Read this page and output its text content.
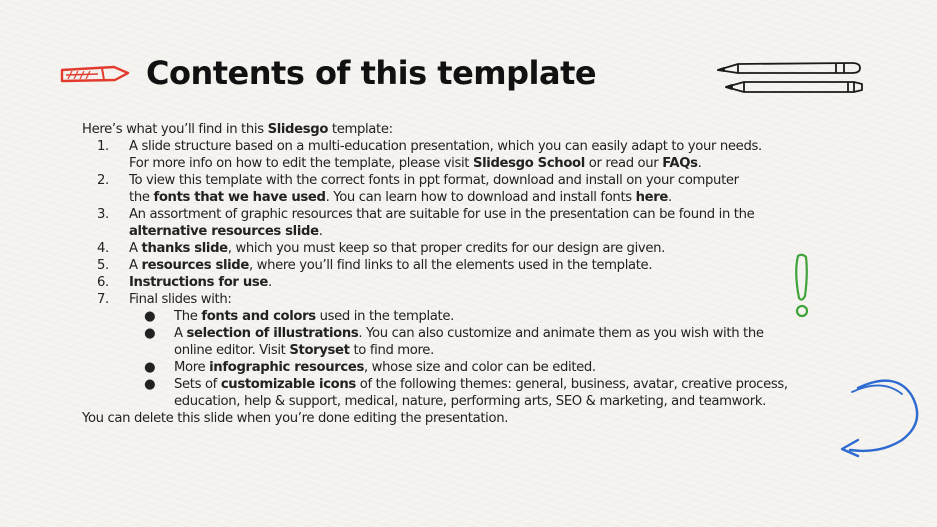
Contents of this template
Here’s what you’ll find in this Slidesgo template:
1. A slide structure based on a multi-education presentation, which you can easily adapt to your needs.
For more info on how to edit the template, please visit Slidesgo School or read our FAQs.
2. To view this template with the correct fonts in ppt format, download and install on your computer
the fonts that we have used. You can learn how to download and install fonts here.
3. An assortment of graphic resources that are suitable for use in the presentation can be found in the
alternative resources slide.
4. A thanks slide, which you must keep so that proper credits for our design are given.
5. A resources slide, where you’ll find links to all the elements used in the template.
6. Instructions for use.
7. Final slides with:
● The fonts and colors used in the template.
● A selection of illustrations. You can also customize and animate them as you wish with the
online editor. Visit Storyset to find more.
● More infographic resources, whose size and color can be edited.
● Sets of customizable icons of the following themes: general, business, avatar, creative process,
education, help & support, medical, nature, performing arts, SEO & marketing, and teamwork.
You can delete this slide when you’re done editing the presentation.
